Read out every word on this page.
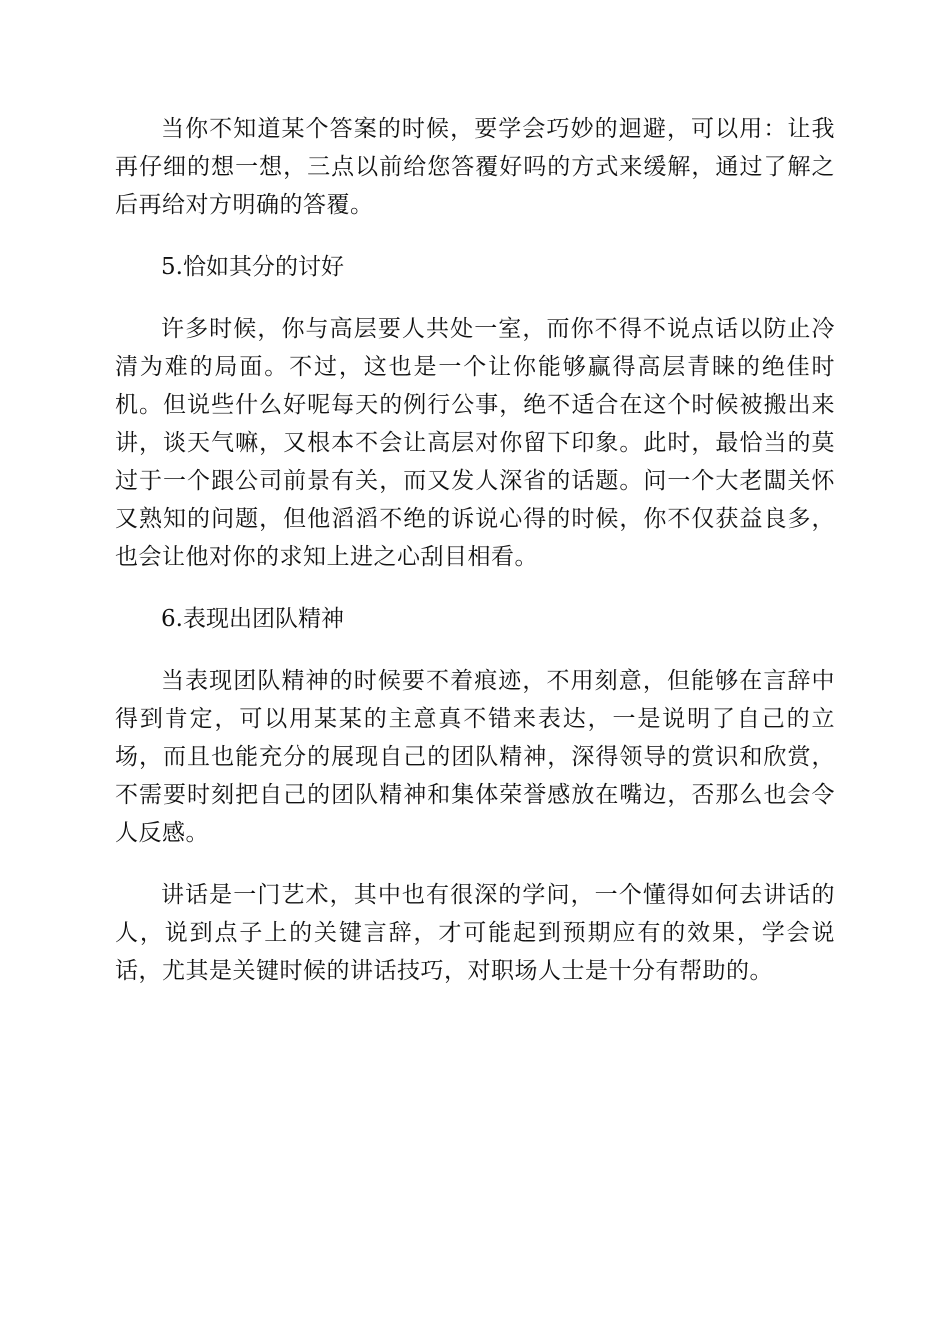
当你不知道某个答案的时候，要学会巧妙的迴避，可以用：让我再仔细的想一想，三点以前给您答覆好吗的方式来缓解，通过了解之后再给对方明确的答覆。

5.恰如其分的讨好

许多时候，你与高层要人共处一室，而你不得不说点话以防止冷清为难的局面。不过，这也是一个让你能够赢得高层青睐的绝佳时机。但说些什么好呢每天的例行公事，绝不适合在这个时候被搬出来讲，谈天气嘛，又根本不会让高层对你留下印象。此时，最恰当的莫过于一个跟公司前景有关，而又发人深省的话题。问一个大老闆关怀又熟知的问题，但他滔滔不绝的诉说心得的时候，你不仅获益良多，也会让他对你的求知上进之心刮目相看。

6.表现出团队精神

当表现团队精神的时候要不着痕迹，不用刻意，但能够在言辞中得到肯定，可以用某某的主意真不错来表达，一是说明了自己的立场，而且也能充分的展现自己的团队精神，深得领导的赏识和欣赏，不需要时刻把自己的团队精神和集体荣誉感放在嘴边，否那么也会令人反感。

讲话是一门艺术，其中也有很深的学问，一个懂得如何去讲话的人，说到点子上的关键言辞，才可能起到预期应有的效果，学会说话，尤其是关键时候的讲话技巧，对职场人士是十分有帮助的。
